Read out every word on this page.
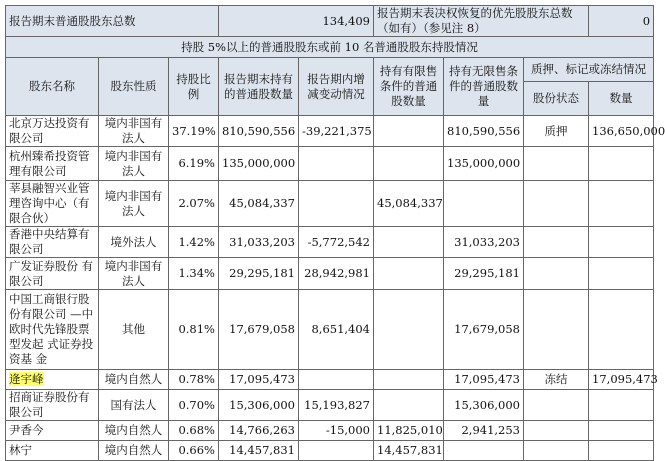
报告期末普通股股东总数			134,409		报告期末表决权恢复的优先股股东总数（如有）（参见注 8）			0
持股 5%以上的普通股股东或前 10 名普通股股东持股情况								
股东名称	股东性质	持股比例	报告期末持有的普通股数量	报告期内增减变动情况	持有有限售条件的普通股数量	持有无限售条件的普通股数量	质押、标记或冻结情况	
							股份状态	数量
北京万达投资有限公司	境内非国有法人	37.19%	810,590,556	-39,221,375		810,590,556	质押	136,650,000
杭州臻希投资管理有限公司	境内非国有法人	6.19%	135,000,000			135,000,000		
莘县融智兴业管理咨询中心（有限合伙）	境内非国有法人	2.07%	45,084,337		45,084,337			
香港中央结算有限公司	境外法人	1.42%	31,033,203	-5,772,542		31,033,203		
广发证券股份 有限公司	境内非国有法人	1.34%	29,295,181	28,942,981		29,295,181		
中国工商银行股份有限公司 —中欧时代先锋股票型发起 式证券投资基 金	其他	0.81%	17,679,058	8,651,404		17,679,058		
逄宇峰	境内自然人	0.78%	17,095,473			17,095,473	冻结	17,095,473
招商证券股份有限公司	国有法人	0.70%	15,306,000	15,193,827		15,306,000		
尹香今	境内自然人	0.68%	14,766,263	-15,000	11,825,010	2,941,253		
林宁	境内自然人	0.66%	14,457,831		14,457,831			
